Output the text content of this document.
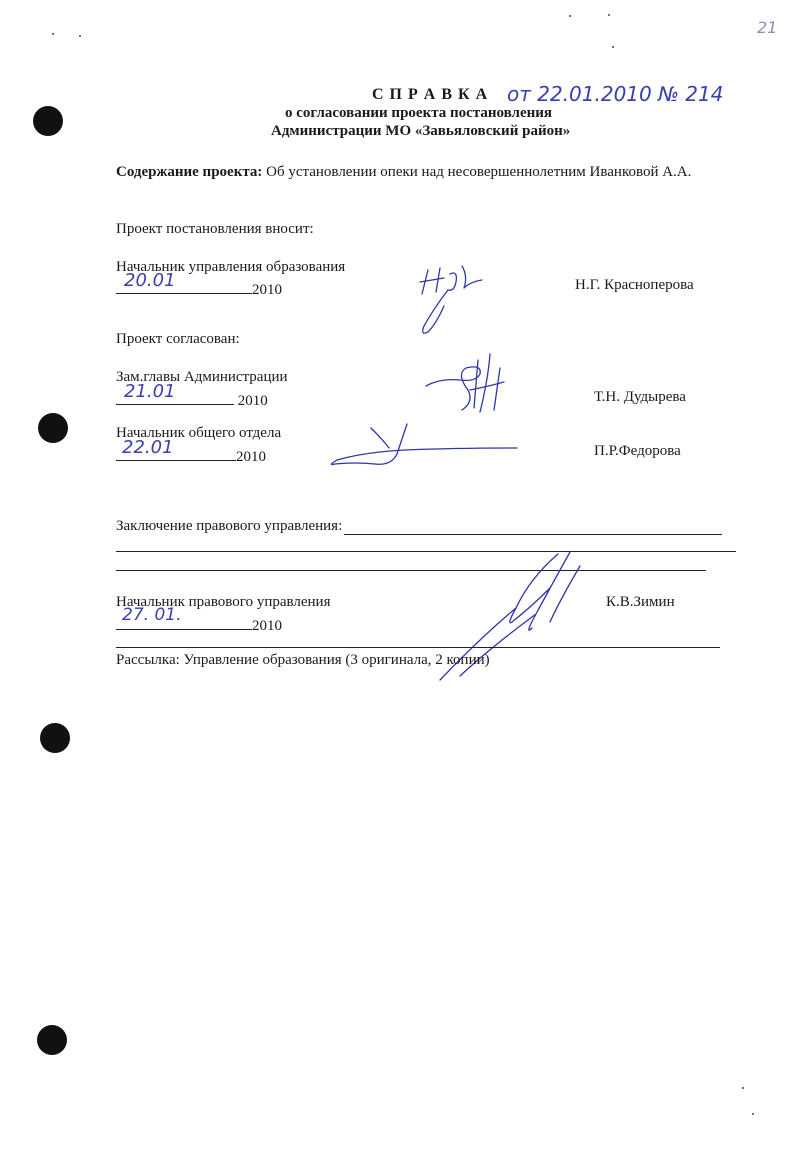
21
С П Р А В К А от 22.01.2010 № 214
о согласовании проекта постановления
Администрации МО «Завьяловский район»
Содержание проекта: Об установлении опеки над несовершеннолетним Иванковой А.А.
Проект постановления вносит:
Начальник управления образования
20.01	2010	Н.Г. Красноперова
Проект согласован:
Зам.главы Администрации
21.01	2010	Т.Н. Дудырева
Начальник общего отдела
22.01	2010	П.Р.Федорова
Заключение правового управления:
Начальник правового управления
27. 01.
2010
К.В.Зимин
Рассылка: Управление образования (3 оригинала, 2 копии)
